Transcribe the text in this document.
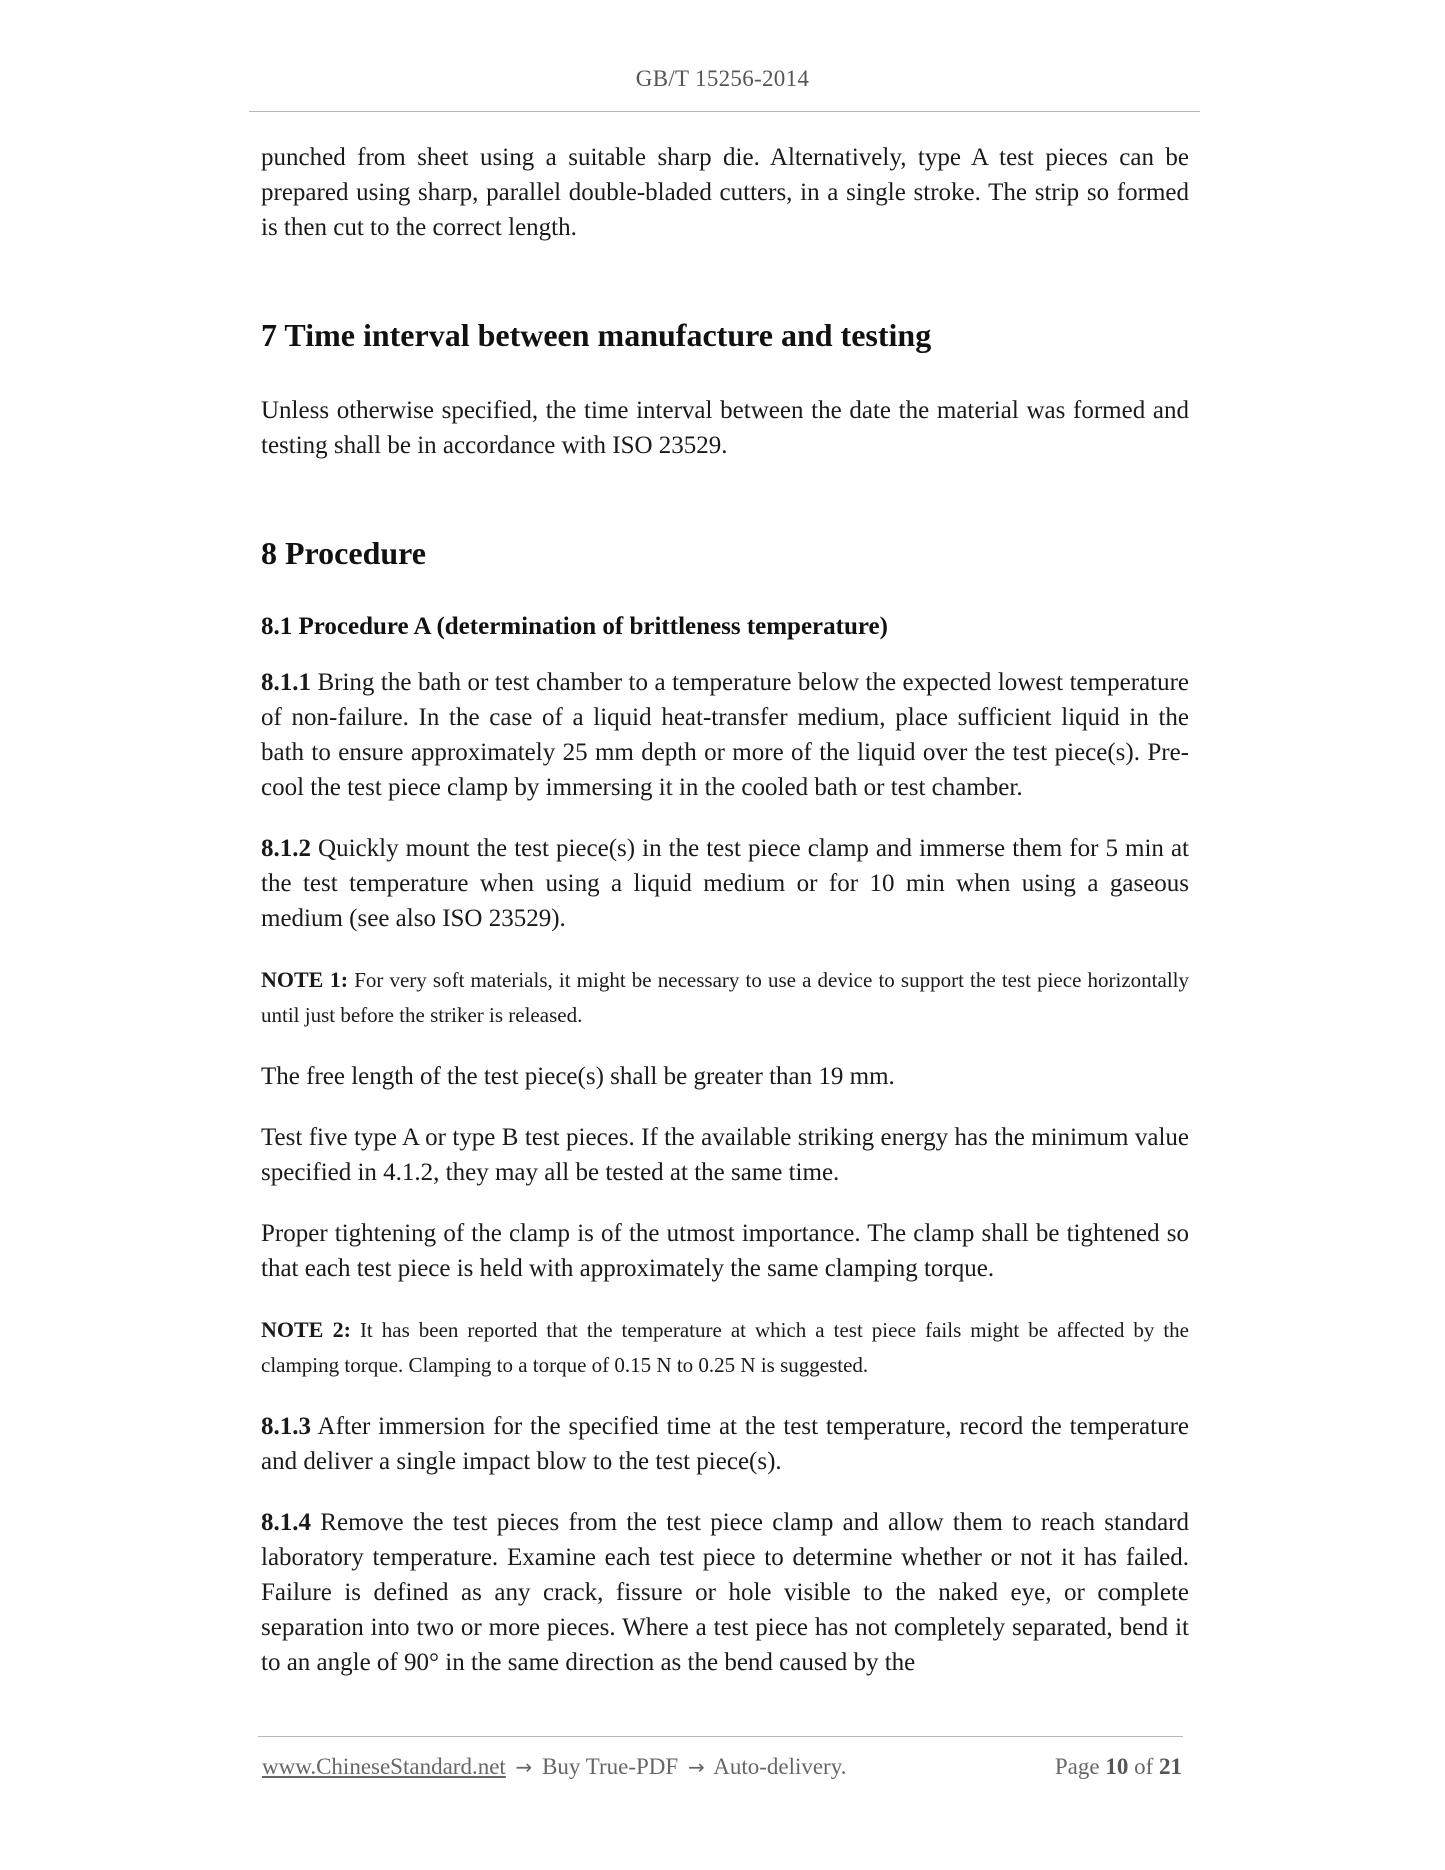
GB/T 15256-2014

punched from sheet using a suitable sharp die. Alternatively, type A test pieces can be prepared using sharp, parallel double-bladed cutters, in a single stroke. The strip so formed is then cut to the correct length.

7 Time interval between manufacture and testing

Unless otherwise specified, the time interval between the date the material was formed and testing shall be in accordance with ISO 23529.

8 Procedure
8.1 Procedure A (determination of brittleness temperature)

8.1.1 Bring the bath or test chamber to a temperature below the expected lowest temperature of non-failure. In the case of a liquid heat-transfer medium, place sufficient liquid in the bath to ensure approximately 25 mm depth or more of the liquid over the test piece(s). Pre-cool the test piece clamp by immersing it in the cooled bath or test chamber.

8.1.2 Quickly mount the test piece(s) in the test piece clamp and immerse them for 5 min at the test temperature when using a liquid medium or for 10 min when using a gaseous medium (see also ISO 23529).

NOTE 1: For very soft materials, it might be necessary to use a device to support the test piece horizontally until just before the striker is released.

The free length of the test piece(s) shall be greater than 19 mm.

Test five type A or type B test pieces. If the available striking energy has the minimum value specified in 4.1.2, they may all be tested at the same time.

Proper tightening of the clamp is of the utmost importance. The clamp shall be tightened so that each test piece is held with approximately the same clamping torque.

NOTE 2: It has been reported that the temperature at which a test piece fails might be affected by the clamping torque. Clamping to a torque of 0.15 N to 0.25 N is suggested.

8.1.3 After immersion for the specified time at the test temperature, record the temperature and deliver a single impact blow to the test piece(s).

8.1.4 Remove the test pieces from the test piece clamp and allow them to reach standard laboratory temperature. Examine each test piece to determine whether or not it has failed. Failure is defined as any crack, fissure or hole visible to the naked eye, or complete separation into two or more pieces. Where a test piece has not completely separated, bend it to an angle of 90° in the same direction as the bend caused by the

www.ChineseStandard.net → Buy True-PDF → Auto-delivery.	Page 10 of 21
